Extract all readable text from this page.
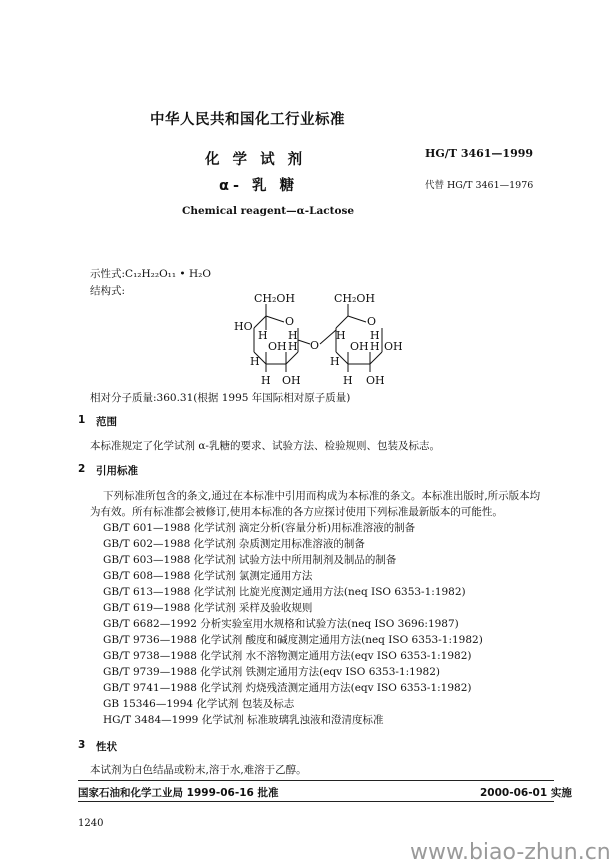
中华人民共和国化工行业标准
化 学 试 剂
α- 乳 糖
Chemical reagent—α-Lactose
HG/T 3461—1999
代替 HG/T 3461—1976
示性式:C₁₂H₂₂O₁₁ • H₂O
结构式:
CH₂OH	CH₂OH
O	O
HO
H H
OH H O
H
H H
OH H OH
H
H OH	H OH
相对分子质量:360.31(根据 1995 年国际相对原子质量)
1 范围
本标准规定了化学试剂 α-乳糖的要求、试验方法、检验规则、包装及标志。
2 引用标准
下列标准所包含的条文,通过在本标准中引用而构成为本标准的条文。本标准出版时,所示版本均
为有效。所有标准都会被修订,使用本标准的各方应探讨使用下列标准最新版本的可能性。
GB/T 601—1988 化学试剂 滴定分析(容量分析)用标准溶液的制备
GB/T 602—1988 化学试剂 杂质测定用标准溶液的制备
GB/T 603—1988 化学试剂 试验方法中所用制剂及制品的制备
GB/T 608—1988 化学试剂 氯测定通用方法
GB/T 613—1988 化学试剂 比旋光度测定通用方法(neq ISO 6353-1:1982)
GB/T 619—1988 化学试剂 采样及验收规则
GB/T 6682—1992 分析实验室用水规格和试验方法(neq ISO 3696:1987)
GB/T 9736—1988 化学试剂 酸度和碱度测定通用方法(neq ISO 6353-1:1982)
GB/T 9738—1988 化学试剂 水不溶物测定通用方法(eqv ISO 6353-1:1982)
GB/T 9739—1988 化学试剂 铁测定通用方法(eqv ISO 6353-1:1982)
GB/T 9741—1988 化学试剂 灼烧残渣测定通用方法(eqv ISO 6353-1:1982)
GB 15346—1994 化学试剂 包装及标志
HG/T 3484—1999 化学试剂 标准玻璃乳浊液和澄清度标准
3 性状
本试剂为白色结晶或粉末,溶于水,难溶于乙醇。
国家石油和化学工业局 1999-06-16 批准	2000-06-01 实施
1240
www.biao-zhun.cn
